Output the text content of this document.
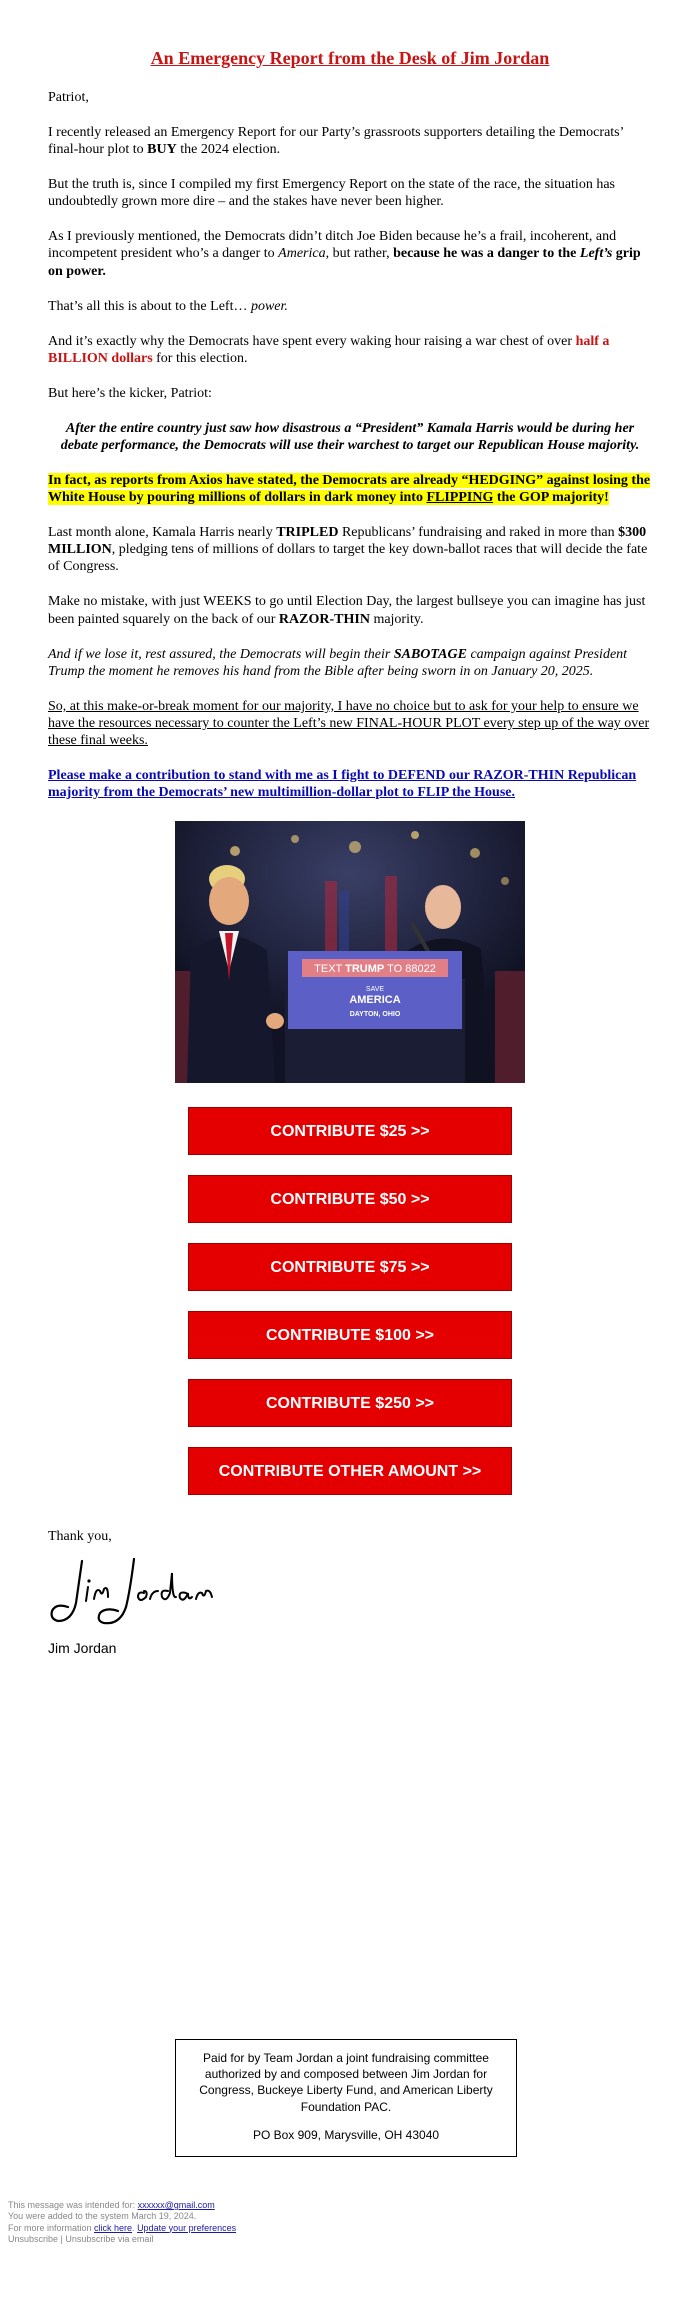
An Emergency Report from the Desk of Jim Jordan

Patriot,

I recently released an Emergency Report for our Party’s grassroots supporters detailing the Democrats’ final-hour plot to BUY the 2024 election.

But the truth is, since I compiled my first Emergency Report on the state of the race, the situation has undoubtedly grown more dire – and the stakes have never been higher.

As I previously mentioned, the Democrats didn’t ditch Joe Biden because he’s a frail, incoherent, and incompetent president who’s a danger to America, but rather, because he was a danger to the Left’s grip on power.

That’s all this is about to the Left… power.

And it’s exactly why the Democrats have spent every waking hour raising a war chest of over half a BILLION dollars for this election.

But here’s the kicker, Patriot:

After the entire country just saw how disastrous a “President” Kamala Harris would be during her debate performance, the Democrats will use their warchest to target our Republican House majority.

In fact, as reports from Axios have stated, the Democrats are already “HEDGING” against losing the White House by pouring millions of dollars in dark money into FLIPPING the GOP majority!

Last month alone, Kamala Harris nearly TRIPLED Republicans’ fundraising and raked in more than $300 MILLION, pledging tens of millions of dollars to target the key down-ballot races that will decide the fate of Congress.

Make no mistake, with just WEEKS to go until Election Day, the largest bullseye you can imagine has just been painted squarely on the back of our RAZOR-THIN majority.

And if we lose it, rest assured, the Democrats will begin their SABOTAGE campaign against President Trump the moment he removes his hand from the Bible after being sworn in on January 20, 2025.

So, at this make-or-break moment for our majority, I have no choice but to ask for your help to ensure we have the resources necessary to counter the Left’s new FINAL-HOUR PLOT every step up of the way over these final weeks.

Please make a contribution to stand with me as I fight to DEFEND our RAZOR-THIN Republican majority from the Democrats’ new multimillion-dollar plot to FLIP the House.

TEXT TRUMP TO 88022
SAVE
AMERICA
DAYTON, OHIO
CONTRIBUTE $25 >>
CONTRIBUTE $50 >>
CONTRIBUTE $75 >>
CONTRIBUTE $100 >>
CONTRIBUTE $250 >>
CONTRIBUTE OTHER AMOUNT >>
Thank you,
Jim Jordan
Paid for by Team Jordan a joint fundraising committee authorized by and composed between Jim Jordan for Congress, Buckeye Liberty Fund, and American Liberty Foundation PAC.
PO Box 909, Marysville, OH 43040
This message was intended for: xxxxxx@gmail.com
You were added to the system March 19, 2024.
For more information click here. Update your preferences
Unsubscribe | Unsubscribe via email
